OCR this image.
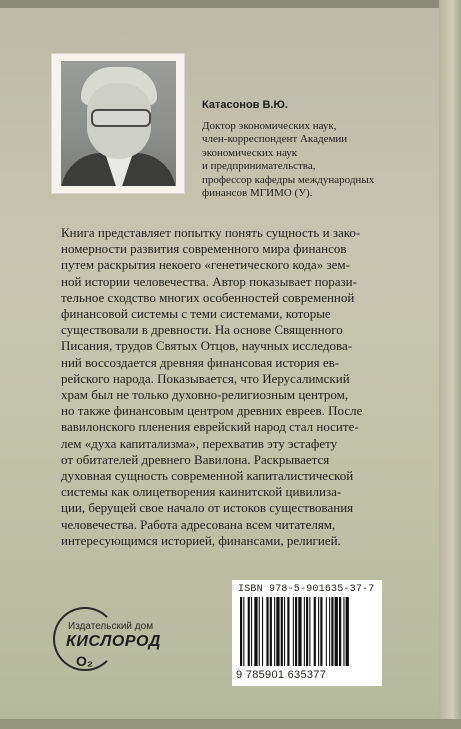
Катасонов В.Ю.
Доктор экономических наук,
член-корреспондент Академии
экономических наук
и предпринимательства,
профессор кафедры международных
финансов МГИМО (У).
Книга представляет попытку понять сущность и зако-
номерности развития современного мира финансов
путем раскрытия некоего «генетического кода» зем-
ной истории человечества. Автор показывает порази-
тельное сходство многих особенностей современной
финансовой системы с теми системами, которые
существовали в древности. На основе Священного
Писания, трудов Святых Отцов, научных исследова-
ний воссоздается древняя финансовая история ев-
рейского народа. Показывается, что Иерусалимский
храм был не только духовно-религиозным центром,
но также финансовым центром древних евреев. После
вавилонского пленения еврейский народ стал носите-
лем «духа капитализма», перехватив эту эстафету
от обитателей древнего Вавилона. Раскрывается
духовная сущность современной капиталистической
системы как олицетворения каинитской цивилиза-
ции, берущей свое начало от истоков существования
человечества. Работа адресована всем читателям,
интересующимся историей, финансами, религией.
Издательский дом
КИСЛОРОД
O₂
ISBN 978-5-901635-37-7
9 785901 635377
